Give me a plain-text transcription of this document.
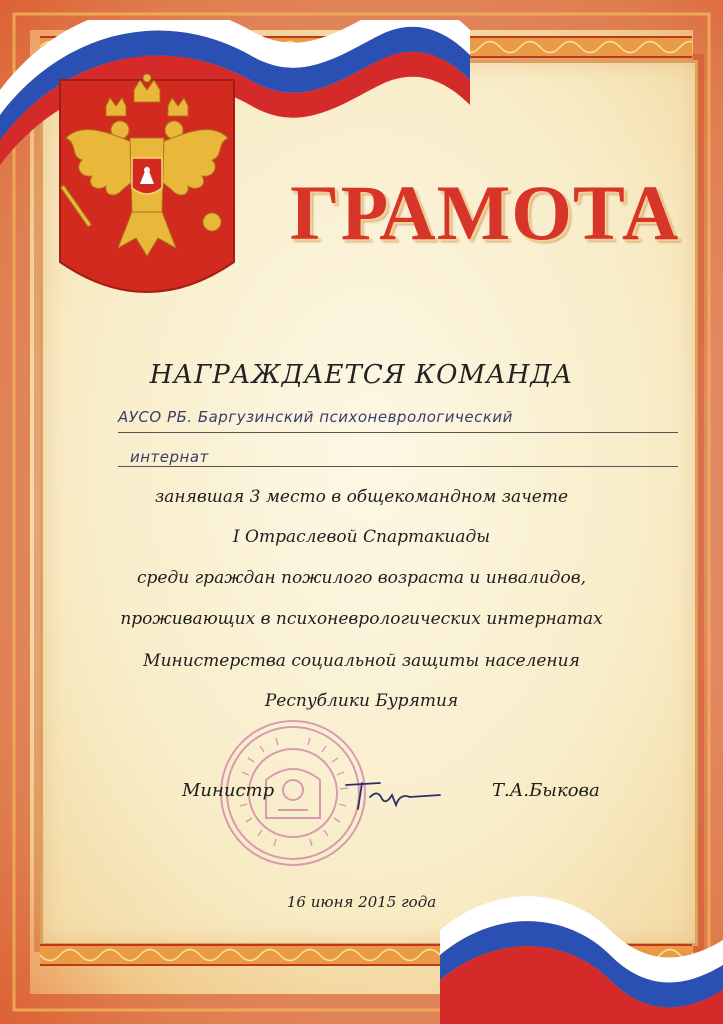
ГРАМОТА
НАГРАЖДАЕТСЯ КОМАНДА
АУСО РБ. Баргузинский психоневрологический
интернат
занявшая 3 место в общекомандном зачете
I Отраслевой Спартакиады
среди граждан пожилого возраста и инвалидов,
проживающих в психоневрологических интернатах
Министерства социальной защиты населения
Республики Бурятия
Министр	Т.А.Быкова
16 июня 2015 года
